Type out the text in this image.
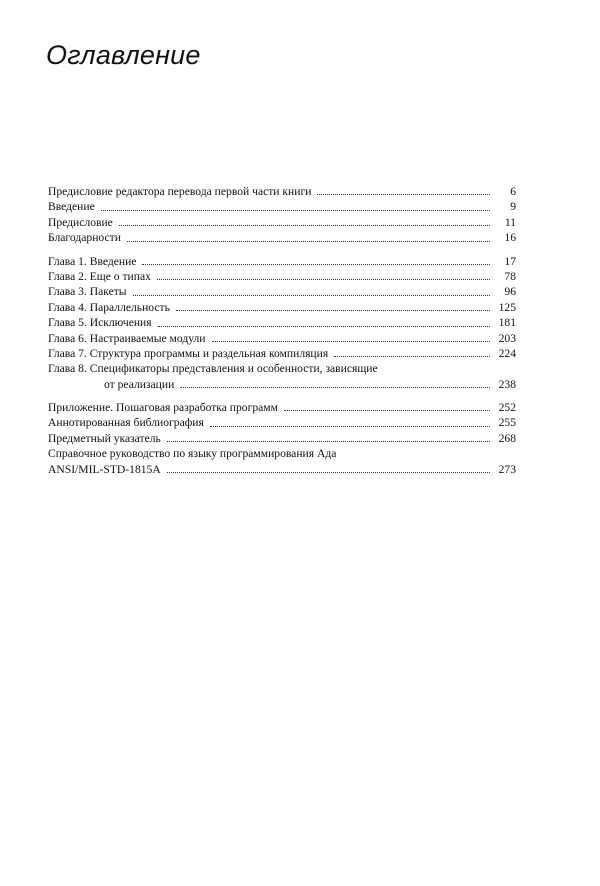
Оглавление
Предисловие редактора перевода первой части книги	6
Введение	9
Предисловие	11
Благодарности	16
Глава 1. Введение	17
Глава 2. Еще о типах	78
Глава 3. Пакеты	96
Глава 4. Параллельность	125
Глава 5. Исключения	181
Глава 6. Настраиваемые модули	203
Глава 7. Структура программы и раздельная компиляция	224
Глава 8. Спецификаторы представления и особенности, зависящие
от реализации	238
Приложение. Пошаговая разработка программ	252
Аннотированная библиография	255
Предметный указатель	268
Справочное руководство по языку программирования Ада
ANSI/MIL-STD-1815A	273
